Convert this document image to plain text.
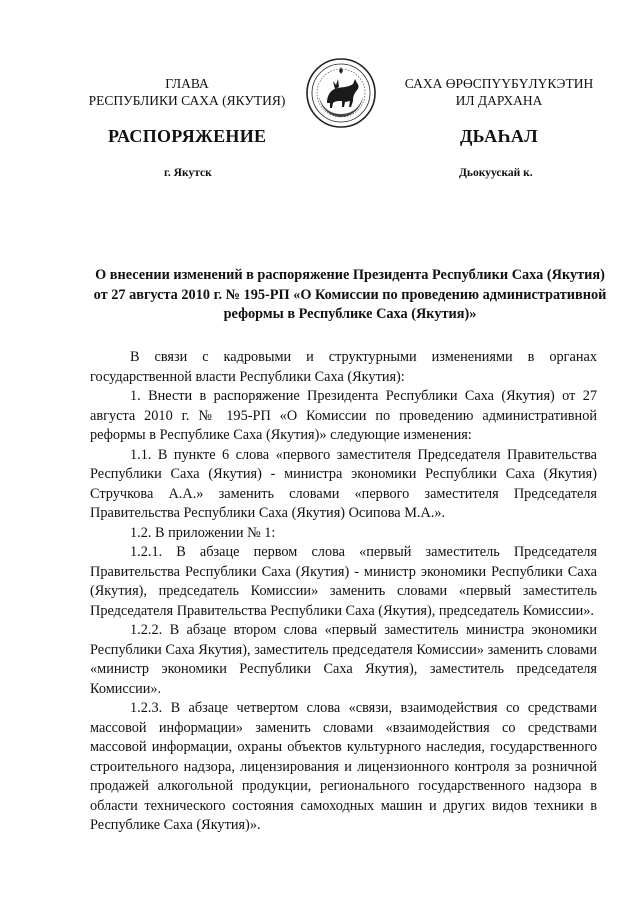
ГЛАВА
РЕСПУБЛИКИ САХА (ЯКУТИЯ)
САХА ӨРӨСПҮҮБҮЛҮКЭТИН
ИЛ ДАРХАНА
РАСПОРЯЖЕНИЕ	ДЬАҺАЛ
г. Якутск	Дьокуускай к.
О внесении изменений в распоряжение Президента Республики Саха (Якутия) от 27 августа 2010 г. № 195-РП «О Комиссии по проведению административной реформы в Республике Саха (Якутия)»

В связи с кадровыми и структурными изменениями в органах государственной власти Республики Саха (Якутия):

1. Внести в распоряжение Президента Республики Саха (Якутия) от 27 августа 2010 г. № 195-РП «О Комиссии по проведению административной реформы в Республике Саха (Якутия)» следующие изменения:

1.1. В пункте 6 слова «первого заместителя Председателя Правительства Республики Саха (Якутия) - министра экономики Республики Саха (Якутия) Стручкова А.А.» заменить словами «первого заместителя Председателя Правительства Республики Саха (Якутия) Осипова М.А.».

1.2. В приложении № 1:

1.2.1. В абзаце первом слова «первый заместитель Председателя Правительства Республики Саха (Якутия) - министр экономики Республики Саха (Якутия), председатель Комиссии» заменить словами «первый заместитель Председателя Правительства Республики Саха (Якутия), председатель Комиссии».

1.2.2. В абзаце втором слова «первый заместитель министра экономики Республики Саха Якутия), заместитель председателя Комиссии» заменить словами «министр экономики Республики Саха Якутия), заместитель председателя Комиссии».

1.2.3. В абзаце четвертом слова «связи, взаимодействия со средствами массовой информации» заменить словами «взаимодействия со средствами массовой информации, охраны объектов культурного наследия, государственного строительного надзора, лицензирования и лицензионного контроля за розничной продажей алкогольной продукции, регионального государственного надзора в области технического состояния самоходных машин и других видов техники в Республике Саха (Якутия)».
